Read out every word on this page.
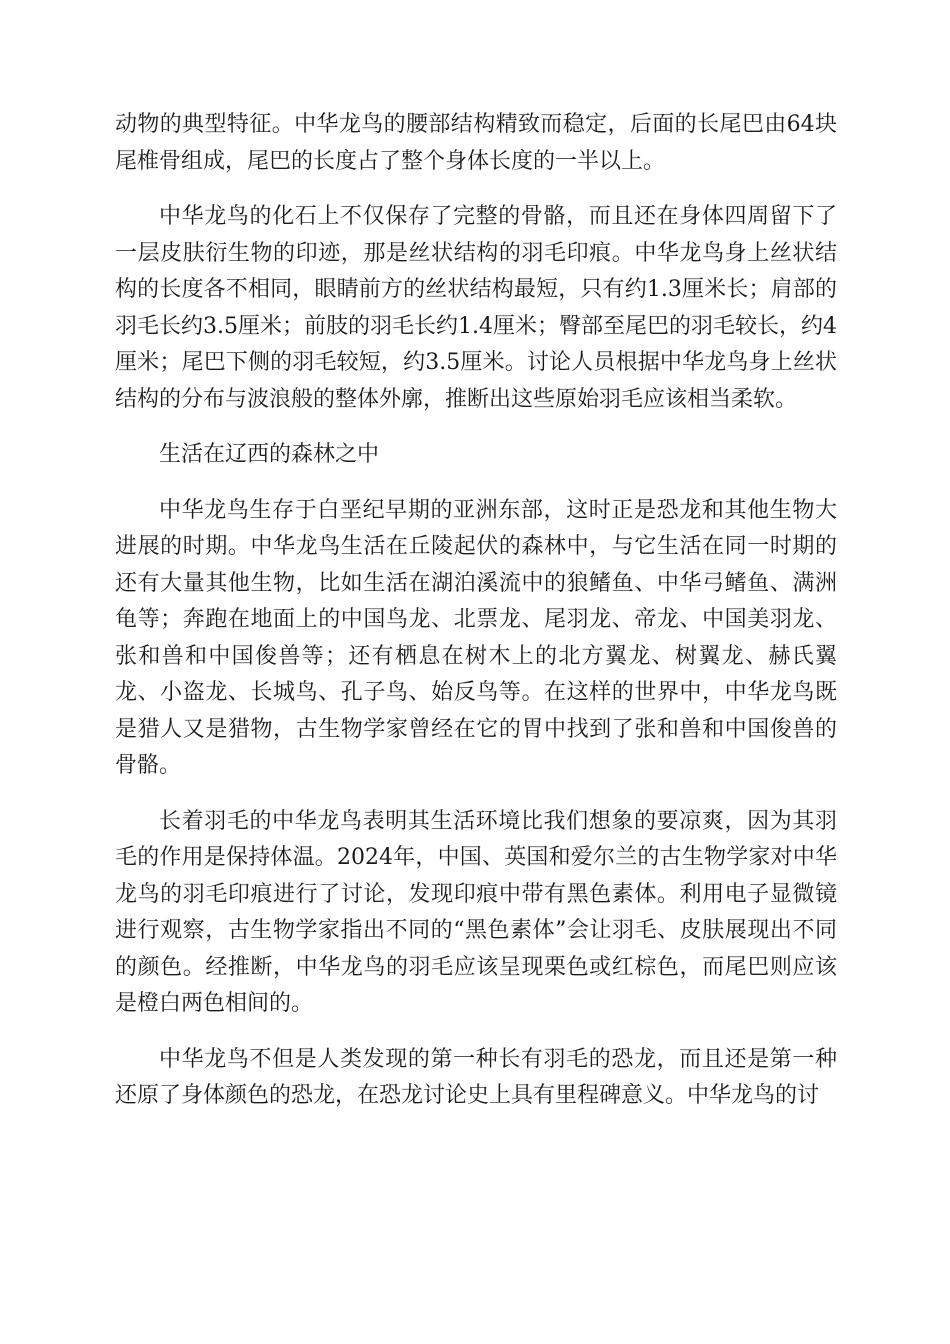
动物的典型特征。中华龙鸟的腰部结构精致而稳定，后面的长尾巴由64块尾椎骨组成，尾巴的长度占了整个身体长度的一半以上。

中华龙鸟的化石上不仅保存了完整的骨骼，而且还在身体四周留下了一层皮肤衍生物的印迹，那是丝状结构的羽毛印痕。中华龙鸟身上丝状结构的长度各不相同，眼睛前方的丝状结构最短，只有约1.3厘米长；肩部的羽毛长约3.5厘米；前肢的羽毛长约1.4厘米；臀部至尾巴的羽毛较长，约4厘米；尾巴下侧的羽毛较短，约3.5厘米。讨论人员根据中华龙鸟身上丝状结构的分布与波浪般的整体外廓，推断出这些原始羽毛应该相当柔软。

生活在辽西的森林之中

中华龙鸟生存于白垩纪早期的亚洲东部，这时正是恐龙和其他生物大进展的时期。中华龙鸟生活在丘陵起伏的森林中，与它生活在同一时期的还有大量其他生物，比如生活在湖泊溪流中的狼鳍鱼、中华弓鳍鱼、满洲龟等；奔跑在地面上的中国鸟龙、北票龙、尾羽龙、帝龙、中国美羽龙、张和兽和中国俊兽等；还有栖息在树木上的北方翼龙、树翼龙、赫氏翼龙、小盗龙、长城鸟、孔子鸟、始反鸟等。在这样的世界中，中华龙鸟既是猎人又是猎物，古生物学家曾经在它的胃中找到了张和兽和中国俊兽的骨骼。

长着羽毛的中华龙鸟表明其生活环境比我们想象的要凉爽，因为其羽毛的作用是保持体温。2024年，中国、英国和爱尔兰的古生物学家对中华龙鸟的羽毛印痕进行了讨论，发现印痕中带有黑色素体。利用电子显微镜进行观察，古生物学家指出不同的“黑色素体”会让羽毛、皮肤展现出不同的颜色。经推断，中华龙鸟的羽毛应该呈现栗色或红棕色，而尾巴则应该是橙白两色相间的。

中华龙鸟不但是人类发现的第一种长有羽毛的恐龙，而且还是第一种还原了身体颜色的恐龙，在恐龙讨论史上具有里程碑意义。中华龙鸟的讨
